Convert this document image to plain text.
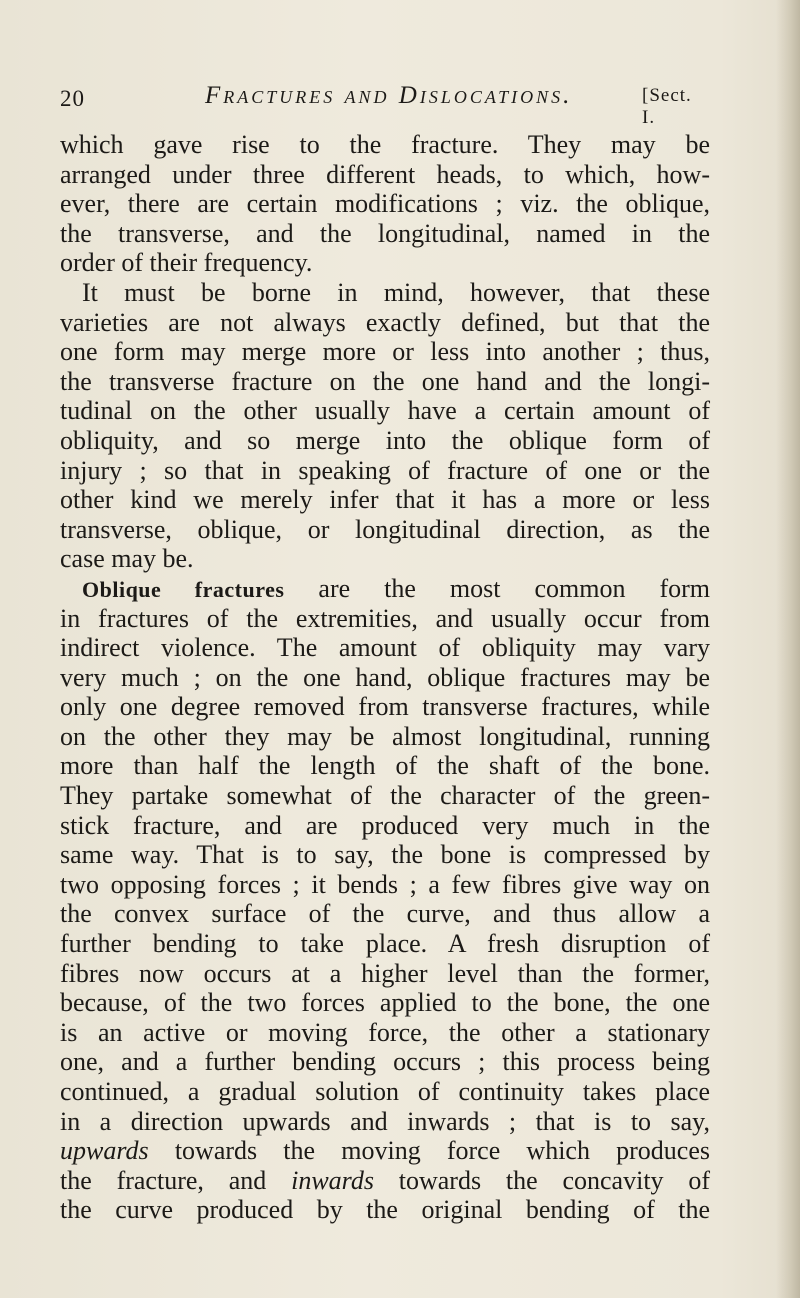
20	Fractures and Dislocations.	[Sect. I.
which gave rise to the fracture. They may be
arranged under three different heads, to which, how-
ever, there are certain modifications ; viz. the oblique,
the transverse, and the longitudinal, named in the
order of their frequency.
It must be borne in mind, however, that these
varieties are not always exactly defined, but that the
one form may merge more or less into another ; thus,
the transverse fracture on the one hand and the longi-
tudinal on the other usually have a certain amount of
obliquity, and so merge into the oblique form of
injury ; so that in speaking of fracture of one or the
other kind we merely infer that it has a more or less
transverse, oblique, or longitudinal direction, as the
case may be.
Oblique fractures are the most common form
in fractures of the extremities, and usually occur from
indirect violence. The amount of obliquity may vary
very much ; on the one hand, oblique fractures may be
only one degree removed from transverse fractures, while
on the other they may be almost longitudinal, running
more than half the length of the shaft of the bone.
They partake somewhat of the character of the green-
stick fracture, and are produced very much in the
same way. That is to say, the bone is compressed by
two opposing forces ; it bends ; a few fibres give way on
the convex surface of the curve, and thus allow a
further bending to take place. A fresh disruption of
fibres now occurs at a higher level than the former,
because, of the two forces applied to the bone, the one
is an active or moving force, the other a stationary
one, and a further bending occurs ; this process being
continued, a gradual solution of continuity takes place
in a direction upwards and inwards ; that is to say,
upwards towards the moving force which produces
the fracture, and inwards towards the concavity of
the curve produced by the original bending of the
